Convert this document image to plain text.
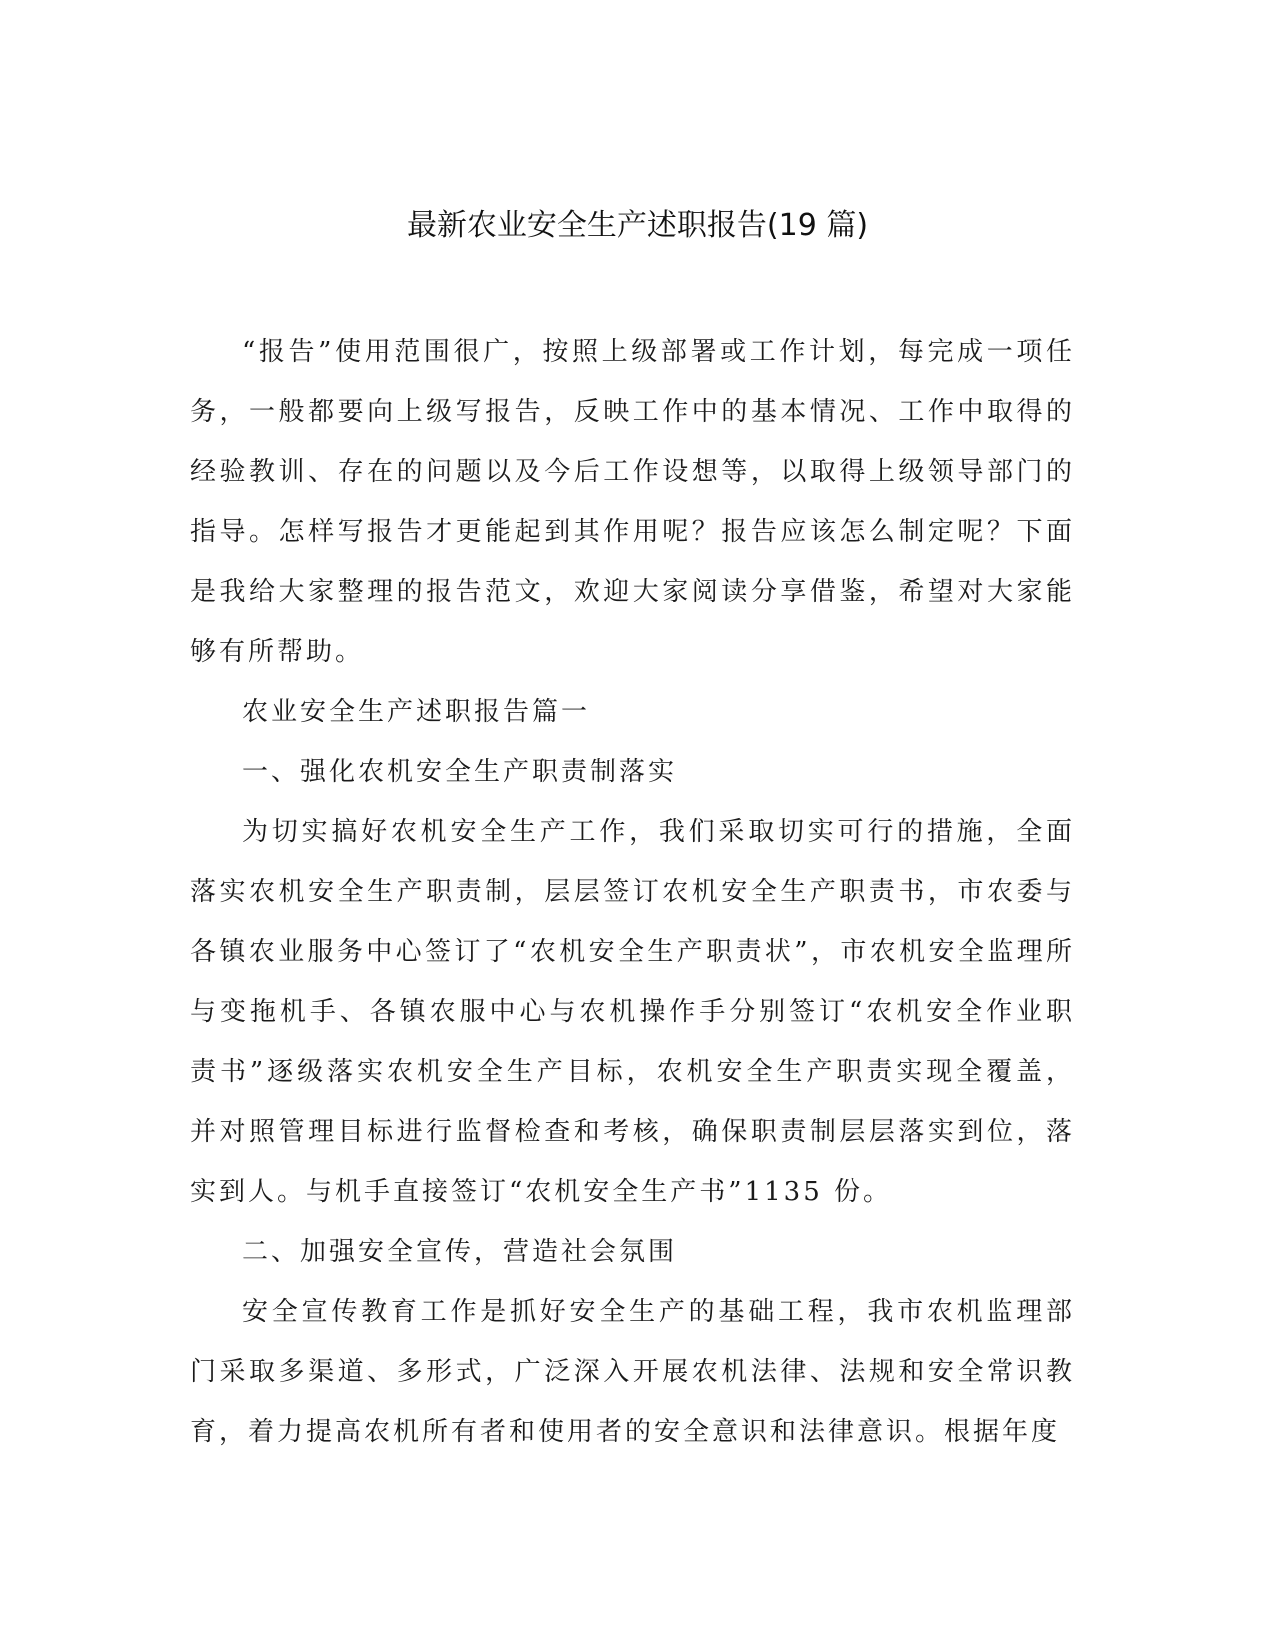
最新农业安全生产述职报告(19 篇)

“报告”使用范围很广，按照上级部署或工作计划，每完成一项任务，一般都要向上级写报告，反映工作中的基本情况、工作中取得的经验教训、存在的问题以及今后工作设想等，以取得上级领导部门的指导。怎样写报告才更能起到其作用呢？报告应该怎么制定呢？下面是我给大家整理的报告范文，欢迎大家阅读分享借鉴，希望对大家能够有所帮助。

农业安全生产述职报告篇一

一、强化农机安全生产职责制落实

为切实搞好农机安全生产工作，我们采取切实可行的措施，全面落实农机安全生产职责制，层层签订农机安全生产职责书，市农委与各镇农业服务中心签订了“农机安全生产职责状”，市农机安全监理所与变拖机手、各镇农服中心与农机操作手分别签订“农机安全作业职责书”逐级落实农机安全生产目标，农机安全生产职责实现全覆盖，并对照管理目标进行监督检查和考核，确保职责制层层落实到位，落实到人。与机手直接签订“农机安全生产书”1135 份。

二、加强安全宣传，营造社会氛围

安全宣传教育工作是抓好安全生产的基础工程，我市农机监理部门采取多渠道、多形式，广泛深入开展农机法律、法规和安全常识教育，着力提高农机所有者和使用者的安全意识和法律意识。根据年度
